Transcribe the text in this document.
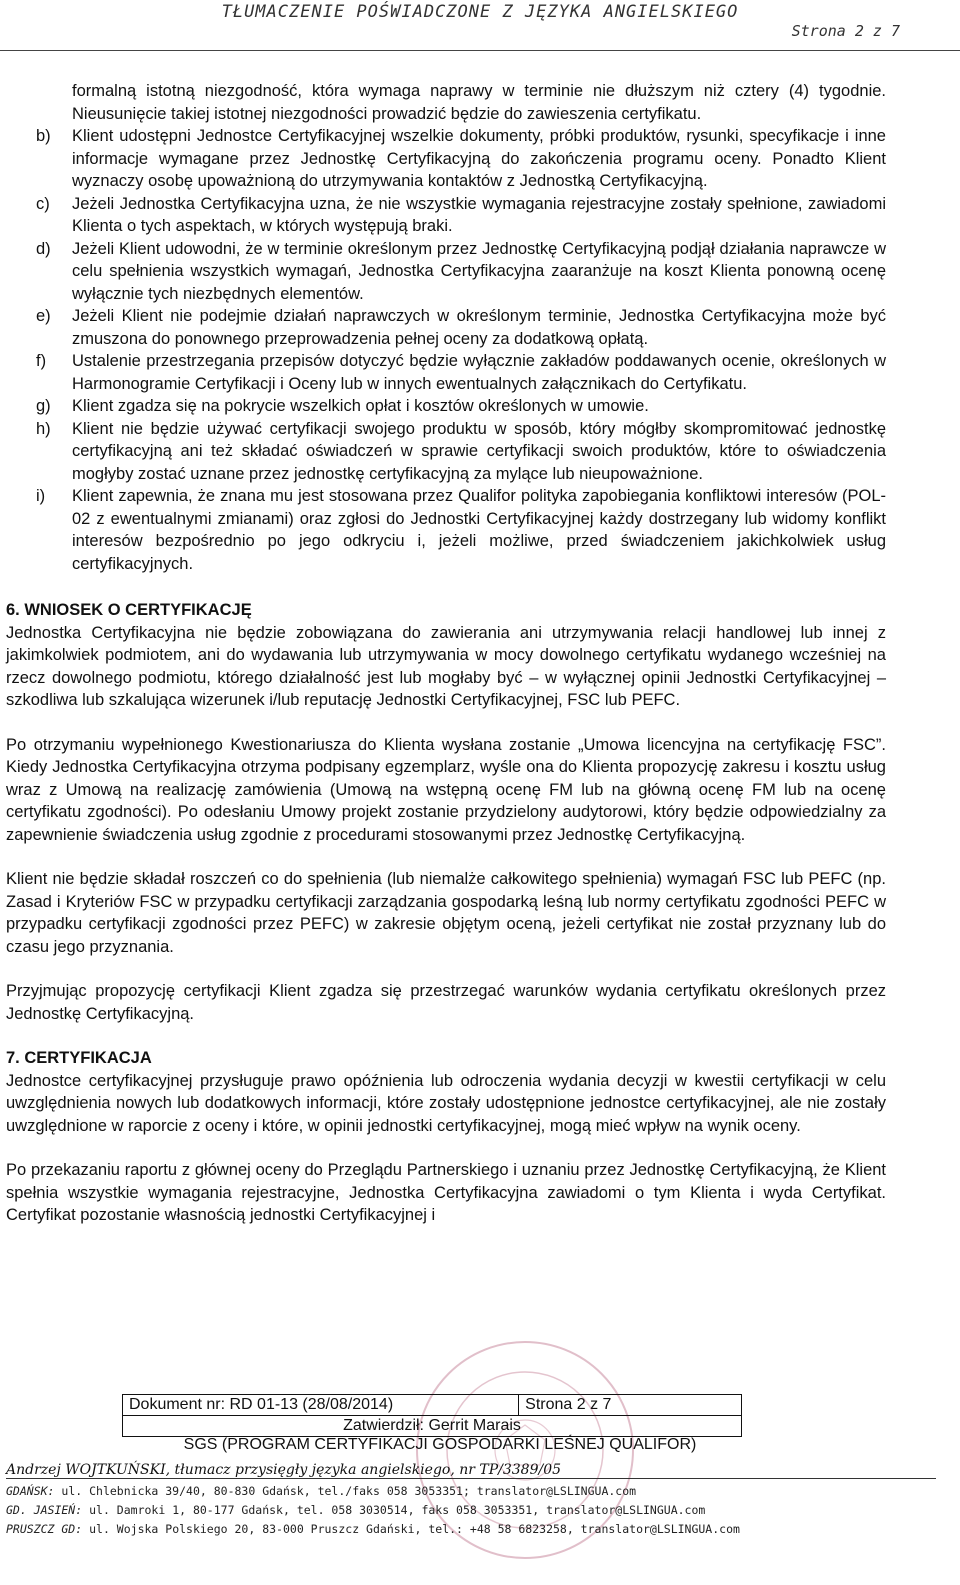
TŁUMACZENIE POŚWIADCZONE Z JĘZYKA ANGIELSKIEGO
Strona 2 z 7
formalną istotną niezgodność, która wymaga naprawy w terminie nie dłuższym niż cztery (4) tygodnie. Nieusunięcie takiej istotnej niezgodności prowadzić będzie do zawieszenia certyfikatu.
b) Klient udostępni Jednostce Certyfikacyjnej wszelkie dokumenty, próbki produktów, rysunki, specyfikacje i inne informacje wymagane przez Jednostkę Certyfikacyjną do zakończenia programu oceny. Ponadto Klient wyznaczy osobę upoważnioną do utrzymywania kontaktów z Jednostką Certyfikacyjną.
c) Jeżeli Jednostka Certyfikacyjna uzna, że nie wszystkie wymagania rejestracyjne zostały spełnione, zawiadomi Klienta o tych aspektach, w których występują braki.
d) Jeżeli Klient udowodni, że w terminie określonym przez Jednostkę Certyfikacyjną podjął działania naprawcze w celu spełnienia wszystkich wymagań, Jednostka Certyfikacyjna zaaranżuje na koszt Klienta ponowną ocenę wyłącznie tych niezbędnych elementów.
e) Jeżeli Klient nie podejmie działań naprawczych w określonym terminie, Jednostka Certyfikacyjna może być zmuszona do ponownego przeprowadzenia pełnej oceny za dodatkową opłatą.
f) Ustalenie przestrzegania przepisów dotyczyć będzie wyłącznie zakładów poddawanych ocenie, określonych w Harmonogramie Certyfikacji i Oceny lub w innych ewentualnych załącznikach do Certyfikatu.
g) Klient zgadza się na pokrycie wszelkich opłat i kosztów określonych w umowie.
h) Klient nie będzie używać certyfikacji swojego produktu w sposób, który mógłby skompromitować jednostkę certyfikacyjną ani też składać oświadczeń w sprawie certyfikacji swoich produktów, które to oświadczenia mogłyby zostać uznane przez jednostkę certyfikacyjną za mylące lub nieupoważnione.
i) Klient zapewnia, że znana mu jest stosowana przez Qualifor polityka zapobiegania konfliktowi interesów (POL-02 z ewentualnymi zmianami) oraz zgłosi do Jednostki Certyfikacyjnej każdy dostrzegany lub widomy konflikt interesów bezpośrednio po jego odkryciu i, jeżeli możliwe, przed świadczeniem jakichkolwiek usług certyfikacyjnych.
6. WNIOSEK O CERTYFIKACJĘ

Jednostka Certyfikacyjna nie będzie zobowiązana do zawierania ani utrzymywania relacji handlowej lub innej z jakimkolwiek podmiotem, ani do wydawania lub utrzymywania w mocy dowolnego certyfikatu wydanego wcześniej na rzecz dowolnego podmiotu, którego działalność jest lub mogłaby być – w wyłącznej opinii Jednostki Certyfikacyjnej – szkodliwa lub szkalująca wizerunek i/lub reputację Jednostki Certyfikacyjnej, FSC lub PEFC.

Po otrzymaniu wypełnionego Kwestionariusza do Klienta wysłana zostanie „Umowa licencyjna na certyfikację FSC”. Kiedy Jednostka Certyfikacyjna otrzyma podpisany egzemplarz, wyśle ona do Klienta propozycję zakresu i kosztu usług wraz z Umową na realizację zamówienia (Umową na wstępną ocenę FM lub na główną ocenę FM lub na ocenę certyfikatu zgodności). Po odesłaniu Umowy projekt zostanie przydzielony audytorowi, który będzie odpowiedzialny za zapewnienie świadczenia usług zgodnie z procedurami stosowanymi przez Jednostkę Certyfikacyjną.

Klient nie będzie składał roszczeń co do spełnienia (lub niemalże całkowitego spełnienia) wymagań FSC lub PEFC (np. Zasad i Kryteriów FSC w przypadku certyfikacji zarządzania gospodarką leśną lub normy certyfikatu zgodności PEFC w przypadku certyfikacji zgodności przez PEFC) w zakresie objętym oceną, jeżeli certyfikat nie został przyznany lub do czasu jego przyznania.

Przyjmując propozycję certyfikacji Klient zgadza się przestrzegać warunków wydania certyfikatu określonych przez Jednostkę Certyfikacyjną.

7. CERTYFIKACJA

Jednostce certyfikacyjnej przysługuje prawo opóźnienia lub odroczenia wydania decyzji w kwestii certyfikacji w celu uwzględnienia nowych lub dodatkowych informacji, które zostały udostępnione jednostce certyfikacyjnej, ale nie zostały uwzględnione w raporcie z oceny i które, w opinii jednostki certyfikacyjnej, mogą mieć wpływ na wynik oceny.

Po przekazaniu raportu z głównej oceny do Przeglądu Partnerskiego i uznaniu przez Jednostkę Certyfikacyjną, że Klient spełnia wszystkie wymagania rejestracyjne, Jednostka Certyfikacyjna zawiadomi o tym Klienta i wyda Certyfikat. Certyfikat pozostanie własnością jednostki Certyfikacyjnej i

Dokument nr: RD 01-13 (28/08/2014)	Strona 2 z 7
Zatwierdził: Gerrit Marais
SGS (PROGRAM CERTYFIKACJI GOSPODARKI LEŚNEJ QUALIFOR)
Andrzej WOJTKUŃSKI, tłumacz przysięgły języka angielskiego, nr TP/3389/05
GDAŃSK: ul. Chlebnicka 39/40, 80-830 Gdańsk, tel./faks 058 3053351; translator@LSLINGUA.com
GD. JASIEŃ: ul. Damroki 1, 80-177 Gdańsk, tel. 058 3030514, faks 058 3053351, translator@LSLINGUA.com
PRUSZCZ GD: ul. Wojska Polskiego 20, 83-000 Pruszcz Gdański, tel.: +48 58 6823258, translator@LSLINGUA.com
